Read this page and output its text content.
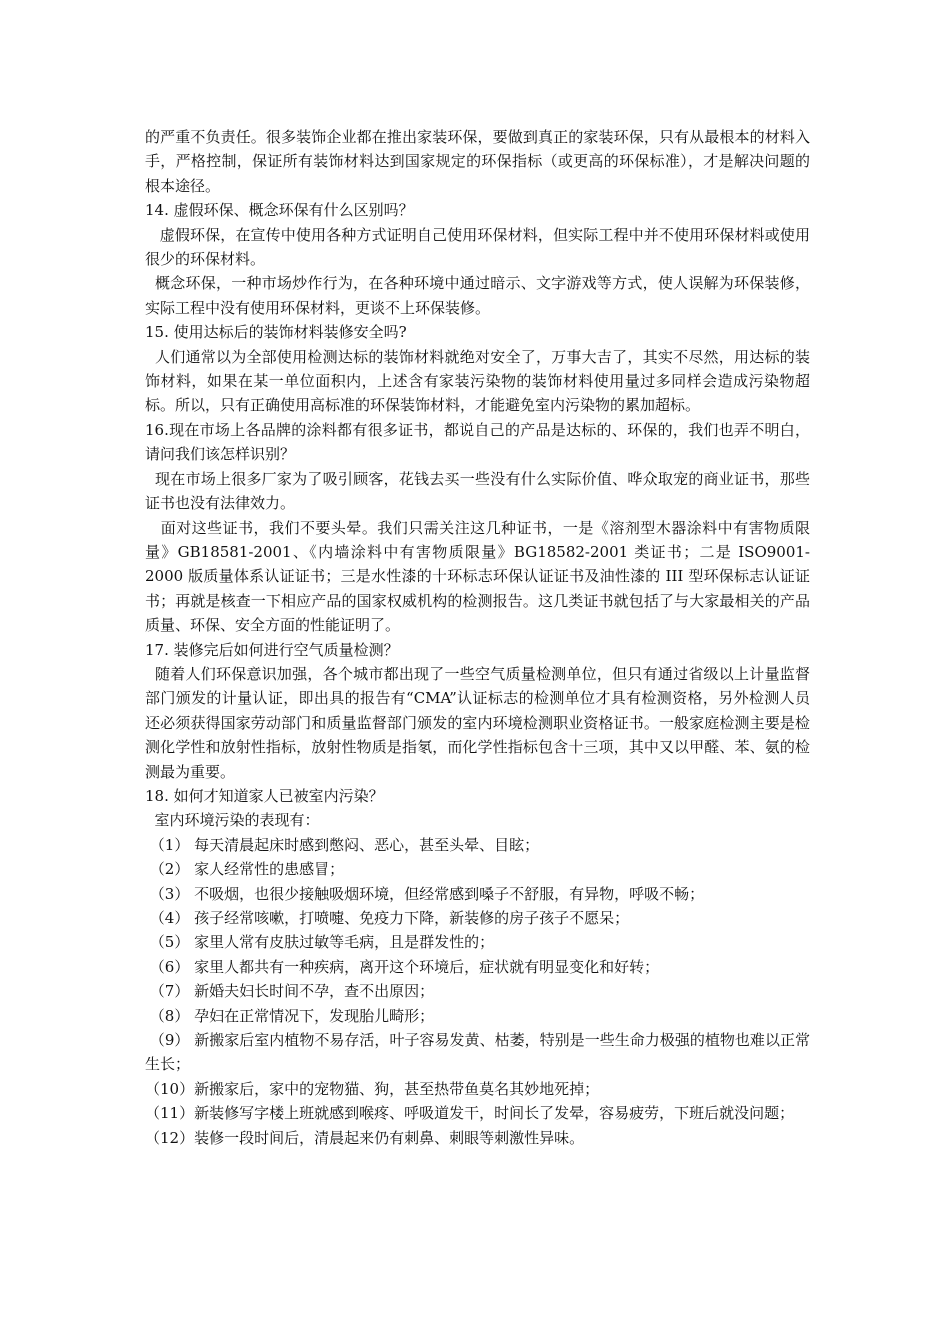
的严重不负责任。很多装饰企业都在推出家装环保，要做到真正的家装环保，只有从最根本的材料入手，严格控制，保证所有装饰材料达到国家规定的环保指标（或更高的环保标准），才是解决问题的根本途径。
14. 虚假环保、概念环保有什么区别吗？
虚假环保，在宣传中使用各种方式证明自己使用环保材料，但实际工程中并不使用环保材料或使用很少的环保材料。
概念环保，一种市场炒作行为，在各种环境中通过暗示、文字游戏等方式，使人误解为环保装修，实际工程中没有使用环保材料，更谈不上环保装修。
15. 使用达标后的装饰材料装修安全吗?
人们通常以为全部使用检测达标的装饰材料就绝对安全了，万事大吉了，其实不尽然，用达标的装饰材料，如果在某一单位面积内，上述含有家装污染物的装饰材料使用量过多同样会造成污染物超标。所以，只有正确使用高标准的环保装饰材料，才能避免室内污染物的累加超标。
16.现在市场上各品牌的涂料都有很多证书，都说自己的产品是达标的、环保的，我们也弄不明白，请问我们该怎样识别？
现在市场上很多厂家为了吸引顾客，花钱去买一些没有什么实际价值、哗众取宠的商业证书，那些证书也没有法律效力。
面对这些证书，我们不要头晕。我们只需关注这几种证书，一是《溶剂型木器涂料中有害物质限量》GB18581-2001、《内墙涂料中有害物质限量》BG18582-2001 类证书；二是 ISO9001-2000 版质量体系认证证书；三是水性漆的十环标志环保认证证书及油性漆的 III 型环保标志认证证书；再就是核查一下相应产品的国家权威机构的检测报告。这几类证书就包括了与大家最相关的产品质量、环保、安全方面的性能证明了。
17. 装修完后如何进行空气质量检测？
随着人们环保意识加强，各个城市都出现了一些空气质量检测单位，但只有通过省级以上计量监督部门颁发的计量认证，即出具的报告有“CMA”认证标志的检测单位才具有检测资格，另外检测人员还必须获得国家劳动部门和质量监督部门颁发的室内环境检测职业资格证书。一般家庭检测主要是检测化学性和放射性指标，放射性物质是指氡，而化学性指标包含十三项，其中又以甲醛、苯、氨的检测最为重要。
18. 如何才知道家人已被室内污染？
室内环境污染的表现有：
（1） 每天清晨起床时感到憋闷、恶心，甚至头晕、目眩；
（2） 家人经常性的患感冒；
（3） 不吸烟，也很少接触吸烟环境，但经常感到嗓子不舒服，有异物，呼吸不畅；
（4） 孩子经常咳嗽，打喷嚏、免疫力下降，新装修的房子孩子不愿呆；
（5） 家里人常有皮肤过敏等毛病，且是群发性的；
（6） 家里人都共有一种疾病，离开这个环境后，症状就有明显变化和好转；
（7） 新婚夫妇长时间不孕，查不出原因；
（8） 孕妇在正常情况下，发现胎儿畸形；
（9） 新搬家后室内植物不易存活，叶子容易发黄、枯萎，特别是一些生命力极强的植物也难以正常生长；
（10）新搬家后，家中的宠物猫、狗，甚至热带鱼莫名其妙地死掉；
（11）新装修写字楼上班就感到喉疼、呼吸道发干，时间长了发晕，容易疲劳，下班后就没问题；
（12）装修一段时间后，清晨起来仍有刺鼻、刺眼等刺激性异味。
